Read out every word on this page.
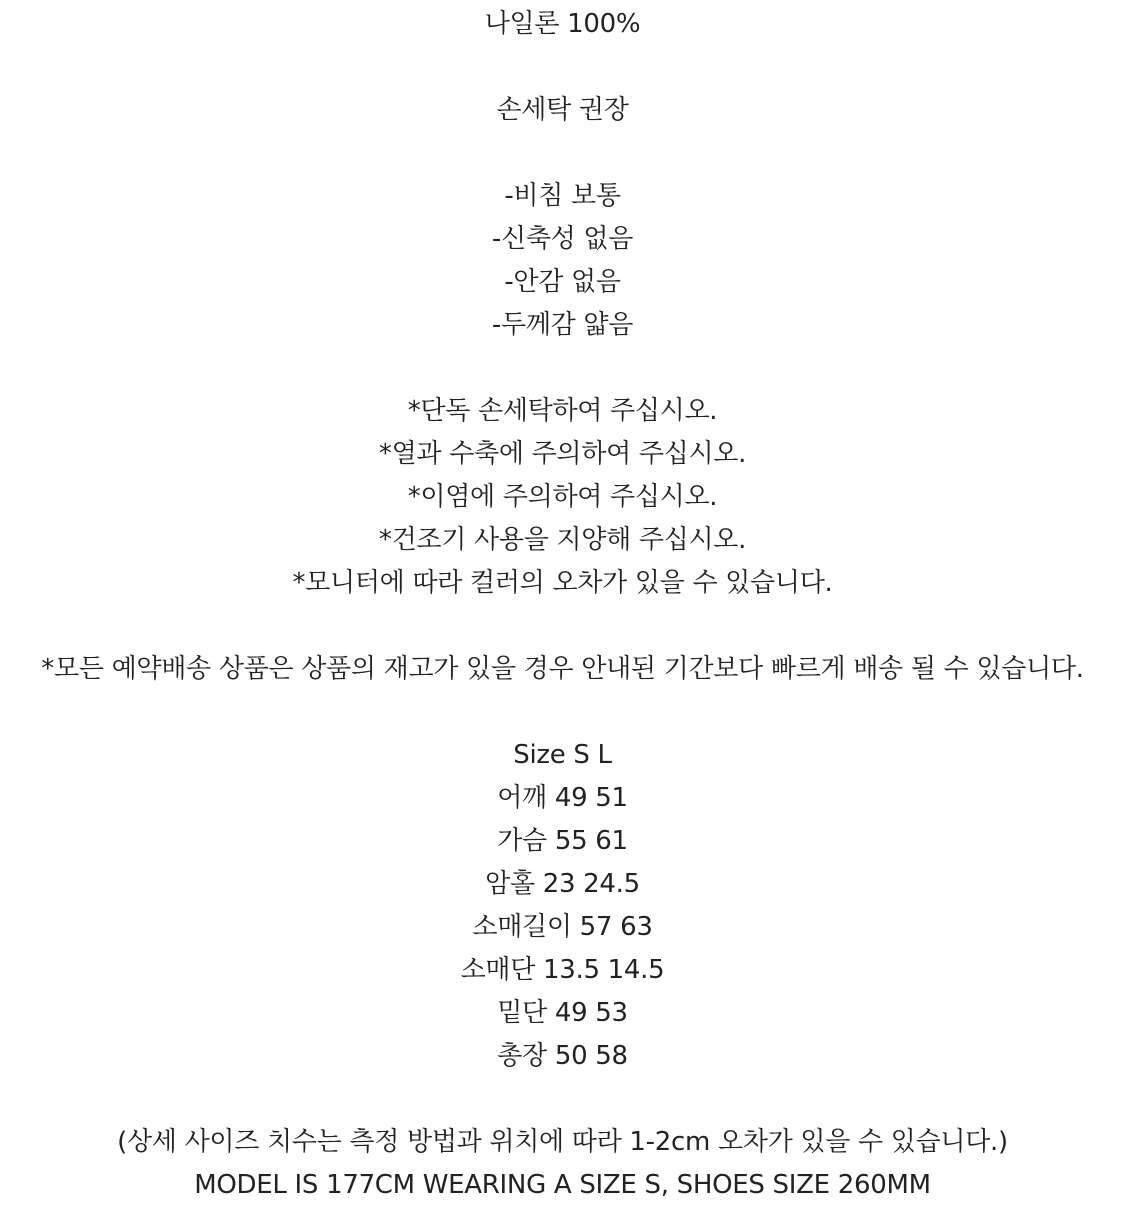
나일론 100%
손세탁 권장
-비침 보통
-신축성 없음
-안감 없음
-두께감 얇음
*단독 손세탁하여 주십시오.
*열과 수축에 주의하여 주십시오.
*이염에 주의하여 주십시오.
*건조기 사용을 지양해 주십시오.
*모니터에 따라 컬러의 오차가 있을 수 있습니다.
*모든 예약배송 상품은 상품의 재고가 있을 경우 안내된 기간보다 빠르게 배송 될 수 있습니다.
Size S L
어깨 49 51
가슴 55 61
암홀 23 24.5
소매길이 57 63
소매단 13.5 14.5
밑단 49 53
총장 50 58
(상세 사이즈 치수는 측정 방법과 위치에 따라 1-2cm 오차가 있을 수 있습니다.)
MODEL IS 177CM WEARING A SIZE S, SHOES SIZE 260MM
